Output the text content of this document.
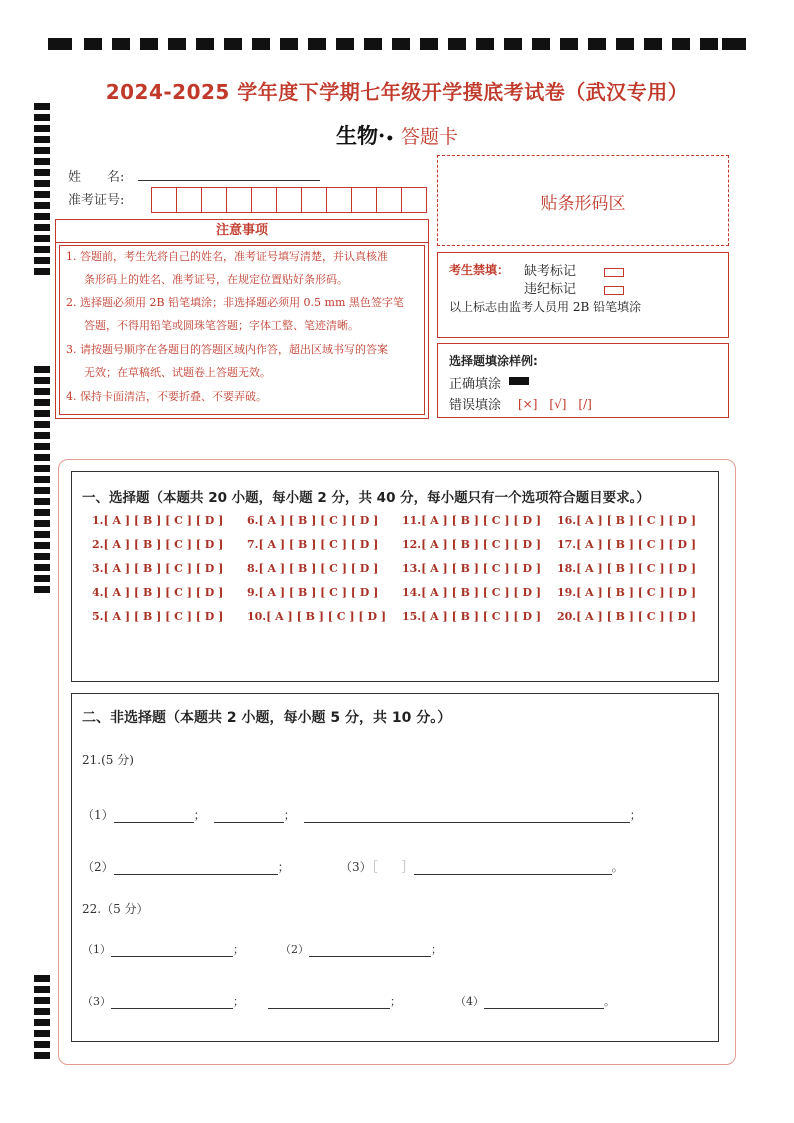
2024-2025 学年度下学期七年级开学摸底考试卷（武汉专用）
生物·• 答题卡
姓　　名:
准考证号:
注意事项
1. 答题前，考生先将自己的姓名，准考证号填写清楚，并认真核准
条形码上的姓名、准考证号，在规定位置贴好条形码。
2. 选择题必须用 2B 铅笔填涂；非选择题必须用 0.5 mm 黑色签字笔
答题，不得用铅笔或圆珠笔答题；字体工整、笔迹清晰。
3. 请按题号顺序在各题目的答题区域内作答，超出区域书写的答案
无效；在草稿纸、试题卷上答题无效。
4. 保持卡面清洁，不要折叠、不要弄破。
贴条形码区
考生禁填： 缺考标记
违纪标记
以上标志由监考人员用 2B 铅笔填涂
选择题填涂样例:
正确填涂
错误填涂 [×]　[√]　[/]
一、选择题（本题共 20 小题，每小题 2 分，共 40 分，每小题只有一个选项符合题目要求。）
1.[ A ] [ B ] [ C ] [ D ]
2.[ A ] [ B ] [ C ] [ D ]
3.[ A ] [ B ] [ C ] [ D ]
4.[ A ] [ B ] [ C ] [ D ]
5.[ A ] [ B ] [ C ] [ D ]
6.[ A ] [ B ] [ C ] [ D ]
7.[ A ] [ B ] [ C ] [ D ]
8.[ A ] [ B ] [ C ] [ D ]
9.[ A ] [ B ] [ C ] [ D ]
10.[ A ] [ B ] [ C ] [ D ]
11.[ A ] [ B ] [ C ] [ D ]
12.[ A ] [ B ] [ C ] [ D ]
13.[ A ] [ B ] [ C ] [ D ]
14.[ A ] [ B ] [ C ] [ D ]
15.[ A ] [ B ] [ C ] [ D ]
16.[ A ] [ B ] [ C ] [ D ]
17.[ A ] [ B ] [ C ] [ D ]
18.[ A ] [ B ] [ C ] [ D ]
19.[ A ] [ B ] [ C ] [ D ]
20.[ A ] [ B ] [ C ] [ D ]
二、非选择题（本题共 2 小题，每小题 5 分，共 10 分。）
21.(5 分)
（1）	；	；	；
（2）	；	（3）［　　］	。
22.（5 分）
（1）	；	（2）	；
（3）	；	；	（4）	。
